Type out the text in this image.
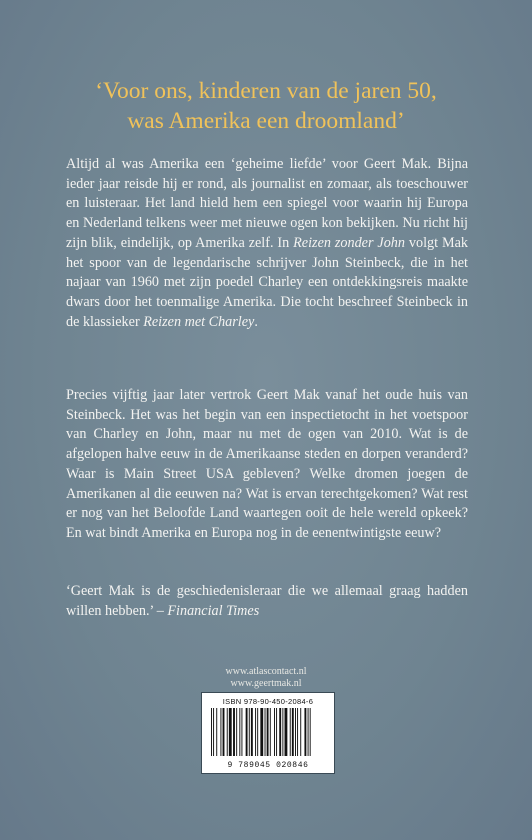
‘Voor ons, kinderen van de jaren 50,
was Amerika een droomland’
Altijd al was Amerika een ‘geheime liefde’ voor Geert Mak. Bijna ieder jaar reisde hij er rond, als journalist en zomaar, als toeschouwer en luisteraar. Het land hield hem een spiegel voor waarin hij Europa en Nederland telkens weer met nieuwe ogen kon bekijken. Nu richt hij zijn blik, eindelijk, op Amerika zelf. In Reizen zonder John volgt Mak het spoor van de legendarische schrijver John Steinbeck, die in het najaar van 1960 met zijn poedel Charley een ontdekkingsreis maakte dwars door het toenmalige Amerika. Die tocht beschreef Steinbeck in de klassieker Reizen met Charley.
Precies vijftig jaar later vertrok Geert Mak vanaf het oude huis van Steinbeck. Het was het begin van een inspectietocht in het voetspoor van Charley en John, maar nu met de ogen van 2010. Wat is de afgelopen halve eeuw in de Amerikaanse steden en dorpen veranderd? Waar is Main Street USA gebleven? Welke dromen joegen de Amerikanen al die eeuwen na? Wat is ervan terechtgekomen? Wat rest er nog van het Beloofde Land waartegen ooit de hele wereld opkeek? En wat bindt Amerika en Europa nog in de eenentwintigste eeuw?
‘Geert Mak is de geschiedenisleraar die we allemaal graag hadden willen hebben.’ – Financial Times
www.atlascontact.nl
www.geertmak.nl
ISBN 978-90-450-2084-6
9 789045 020846
